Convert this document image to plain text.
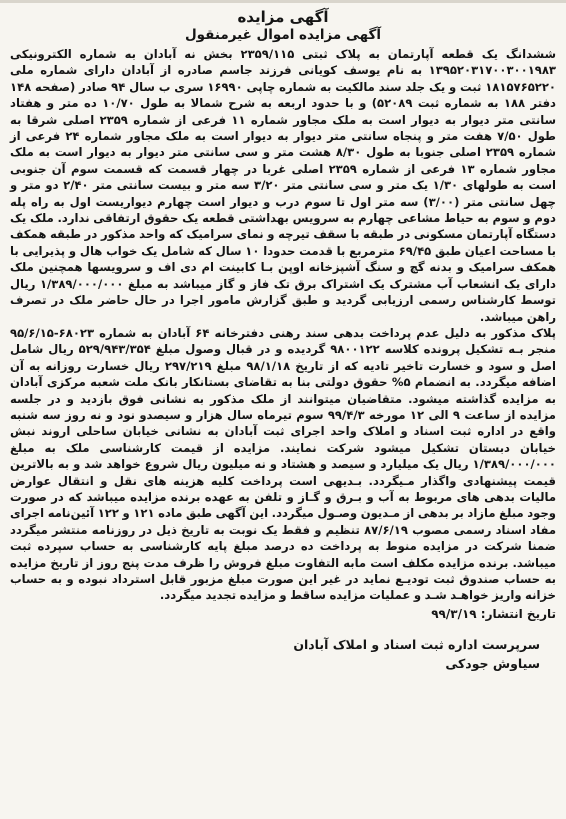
آگهی مزایده
آگهی مزایده اموال غیرمنقول

ششدانگ یک قطعه آپارتمان به پلاک ثبتی ۲۳۵۹/۱۱۵ بخش نه آبادان به شماره الکترونیکی ۱۳۹۵۲۰۳۱۷۰۰۳۰۰۱۹۸۳ به نام یوسف کویانی فرزند جاسم صادره از آبادان دارای شماره ملی ۱۸۱۵۷۶۵۲۲۰ ثبت و یک جلد سند مالکیت به شماره چاپی ۱۶۹۹۰ سری ب سال ۹۴ صادر (صفحه ۱۴۸ دفتر ۱۸۸ به شماره ثبت ۵۲۰۸۹) و با حدود اربعه به شرح شمالا به طول ۱۰/۷۰ ده متر و هفتاد سانتی متر دیوار به دیوار است به ملک مجاور شماره ۱۱ فرعی از شماره ۲۳۵۹ اصلی شرقا به طول ۷/۵۰ هفت متر و پنجاه سانتی متر دیوار به دیوار است به ملک مجاور شماره ۲۴ فرعی از شماره ۲۳۵۹ اصلی جنوبا به طول ۸/۳۰ هشت متر و سی سانتی متر دیوار به دیوار است به ملک مجاور شماره ۱۳ فرعی از شماره ۲۳۵۹ اصلی غربا در چهار قسمت که قسمت سوم آن جنوبی است به طولهای ۱/۳۰ یک متر و سی سانتی متر ۳/۲۰ سه متر و بیست سانتی متر ۲/۴۰ دو متر و چهل سانتی متر (۳/۰۰) سه متر اول تا سوم درب و دیوار است چهارم دیواریست اول به راه پله دوم و سوم به حیاط مشاعی چهارم به سرویس بهداشتی قطعه یک حقوق ارتفاقی ندارد. ملک یک دستگاه آپارتمان مسکونی در طبقه با سقف تیرچه و نمای سرامیک که واحد مذکور در طبقه همکف با مساحت اعیان طبق ۶۹/۴۵ مترمربع با قدمت حدودا ۱۰ سال که شامل یک خواب هال و پذیرایی با همکف سرامیک و بدنه گچ و سنگ آشپزخانه اوپن بـا کابینت ام دی اف و سرویسها همچنین ملک دارای یک انشعاب آب مشترک یک اشتراک برق تک فاز و گاز میباشد به مبلغ ۱/۳۸۹/۰۰۰/۰۰۰ ریال توسط کارشناس رسمی ارزیابی گردید و طبق گزارش مامور اجرا در حال حاضر ملک در تصرف راهن میباشد.

پلاک مذکور به دلیل عدم پرداخت بدهی سند رهنی دفترخانه ۶۴ آبادان به شماره ۶۸۰۲۳-۹۵/۶/۱۵ منجر بـه تشکیل پرونده کلاسه ۹۸۰۰۱۲۲ گردیده و در قبال وصول مبلغ ۵۲۹/۹۴۳/۳۵۴ ریال شامل اصل و سود و خسارت تاخیر تادیه که از تاریخ ۹۸/۱/۱۸ مبلغ ۲۹۷/۲۱۹ ریال خسارت روزانه به آن اضافه میگردد. به انضمام ۵% حقوق دولتی بنا به تقاضای بستانکار بانک ملت شعبه مرکزی آبادان به مزایده گذاشته میشود. متقاضیان میتوانند از ملک مذکور به نشانی فوق بازدید و در جلسه مزایده از ساعت ۹ الی ۱۲ مورخه ۹۹/۴/۳ سوم تیرماه سال هزار و سیصدو نود و نه روز سه شنبه واقع در اداره ثبت اسناد و املاک واحد اجرای ثبت آبادان به نشانی خیابان ساحلی اروند نبش خیابان دبستان تشکیل میشود شرکت نمایند. مزایده از قیمت کارشناسی ملک به مبلغ ۱/۳۸۹/۰۰۰/۰۰۰ ریال یک میلیارد و سیصد و هشتاد و نه میلیون ریال شروع خواهد شد و به بالاترین قیمت پیشنهادی واگذار مـیگردد. بـدیهی است پرداخت کلیه هزینه های نقل و انتقال عوارض مالیات بدهی های مربوط به آب و بـرق و گـاز و تلفن به عهده برنده مزایده میباشد که در صورت وجود مبلغ مازاد بر بدهی از مـدیون وصـول میگردد. این آگهی طبق ماده ۱۲۱ و ۱۲۲ آئین‌نامه اجرای مفاد اسناد رسمی مصوب ۸۷/۶/۱۹ تنظیم و فقط یک نوبت به تاریخ ذیل در روزنامه منتشر میگردد ضمنا شرکت در مزایده منوط به پرداخت ده درصد مبلغ پایه کارشناسی به حساب سپرده ثبت میباشد. برنده مزایده مکلف است مابه التفاوت مبلغ فروش را ظرف مدت پنج روز از تاریخ مزایده به حساب صندوق ثبت تودیـع نماید در غیر این صورت مبلغ مزبور قابل استرداد نبوده و به حساب خزانه واریز خواهـد شـد و عملیات مزایده ساقط و مزایده تجدید میگردد.

تاریخ انتشار: ۹۹/۳/۱۹
سرپرست اداره ثبت اسناد و املاک آبادان
سیاوش جودکی
